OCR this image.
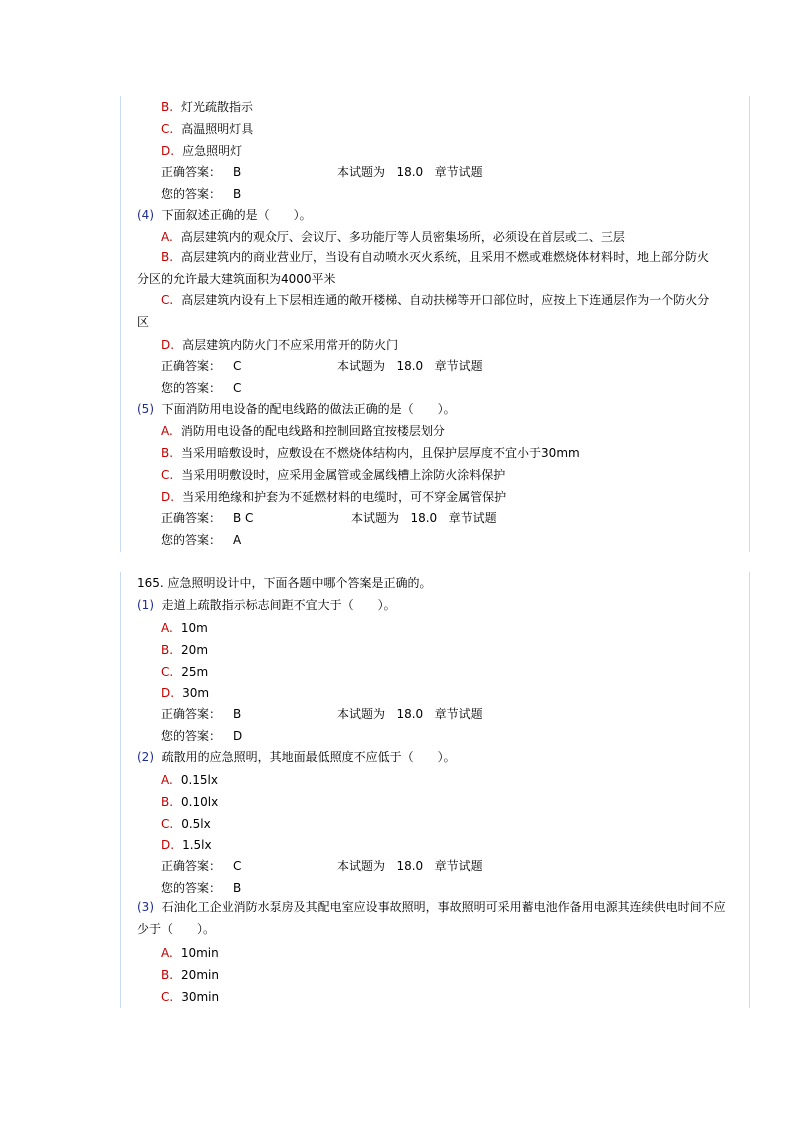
B. 灯光疏散指示
C. 高温照明灯具
D. 应急照明灯
正确答案： B	本试题为 18.0 章节试题
您的答案： B
(4) 下面叙述正确的是（　　）。
A. 高层建筑内的观众厅、会议厅、多功能厅等人员密集场所，必须设在首层或二、三层
B. 高层建筑内的商业营业厅，当设有自动喷水灭火系统，且采用不燃或难燃烧体材料时，地上部分防火分区的允许最大建筑面积为4000平米
C. 高层建筑内设有上下层相连通的敞开楼梯、自动扶梯等开口部位时，应按上下连通层作为一个防火分区
D. 高层建筑内防火门不应采用常开的防火门
正确答案： C	本试题为 18.0 章节试题
您的答案： C
(5) 下面消防用电设备的配电线路的做法正确的是（　　）。
A. 消防用电设备的配电线路和控制回路宜按楼层划分
B. 当采用暗敷设时，应敷设在不燃烧体结构内，且保护层厚度不宜小于30mm
C. 当采用明敷设时，应采用金属管或金属线槽上涂防火涂料保护
D. 当采用绝缘和护套为不延燃材料的电缆时，可不穿金属管保护
正确答案： B C	本试题为 18.0 章节试题
您的答案： A
165. 应急照明设计中，下面各题中哪个答案是正确的。
(1) 走道上疏散指示标志间距不宜大于（　　）。
A. 10m
B. 20m
C. 25m
D. 30m
正确答案： B	本试题为 18.0 章节试题
您的答案： D
(2) 疏散用的应急照明，其地面最低照度不应低于（　　）。
A. 0.15lx
B. 0.10lx
C. 0.5lx
D. 1.5lx
正确答案： C	本试题为 18.0 章节试题
您的答案： B
(3) 石油化工企业消防水泵房及其配电室应设事故照明，事故照明可采用蓄电池作备用电源其连续供电时间不应少于（　　）。
A. 10min
B. 20min
C. 30min
